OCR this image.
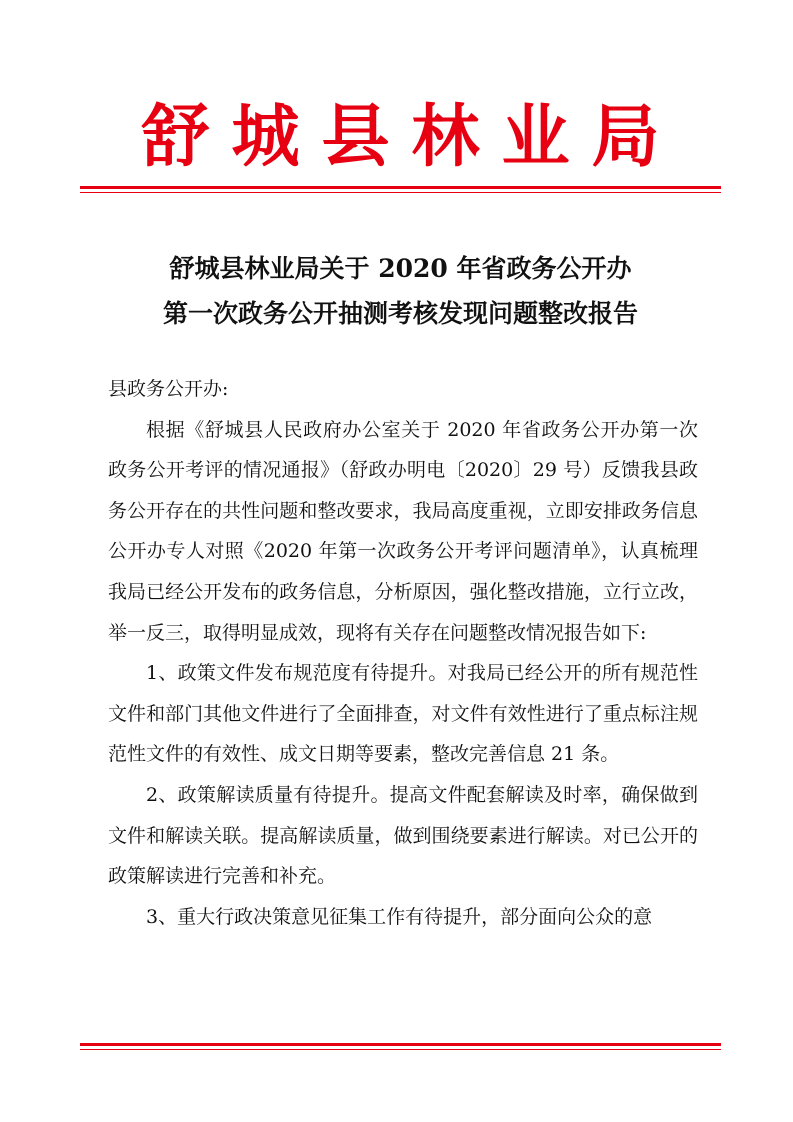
舒城县林业局
舒城县林业局关于 2020 年省政务公开办
第一次政务公开抽测考核发现问题整改报告

县政务公开办:

根据《舒城县人民政府办公室关于 2020 年省政务公开办第一次政务公开考评的情况通报》（舒政办明电〔2020〕29 号）反馈我县政务公开存在的共性问题和整改要求，我局高度重视，立即安排政务信息公开办专人对照《2020 年第一次政务公开考评问题清单》，认真梳理我局已经公开发布的政务信息，分析原因，强化整改措施，立行立改，举一反三，取得明显成效，现将有关存在问题整改情况报告如下:

1、政策文件发布规范度有待提升。对我局已经公开的所有规范性文件和部门其他文件进行了全面排查，对文件有效性进行了重点标注规范性文件的有效性、成文日期等要素，整改完善信息 21 条。

2、政策解读质量有待提升。提高文件配套解读及时率，确保做到文件和解读关联。提高解读质量，做到围绕要素进行解读。对已公开的政策解读进行完善和补充。

3、重大行政决策意见征集工作有待提升，部分面向公众的意
